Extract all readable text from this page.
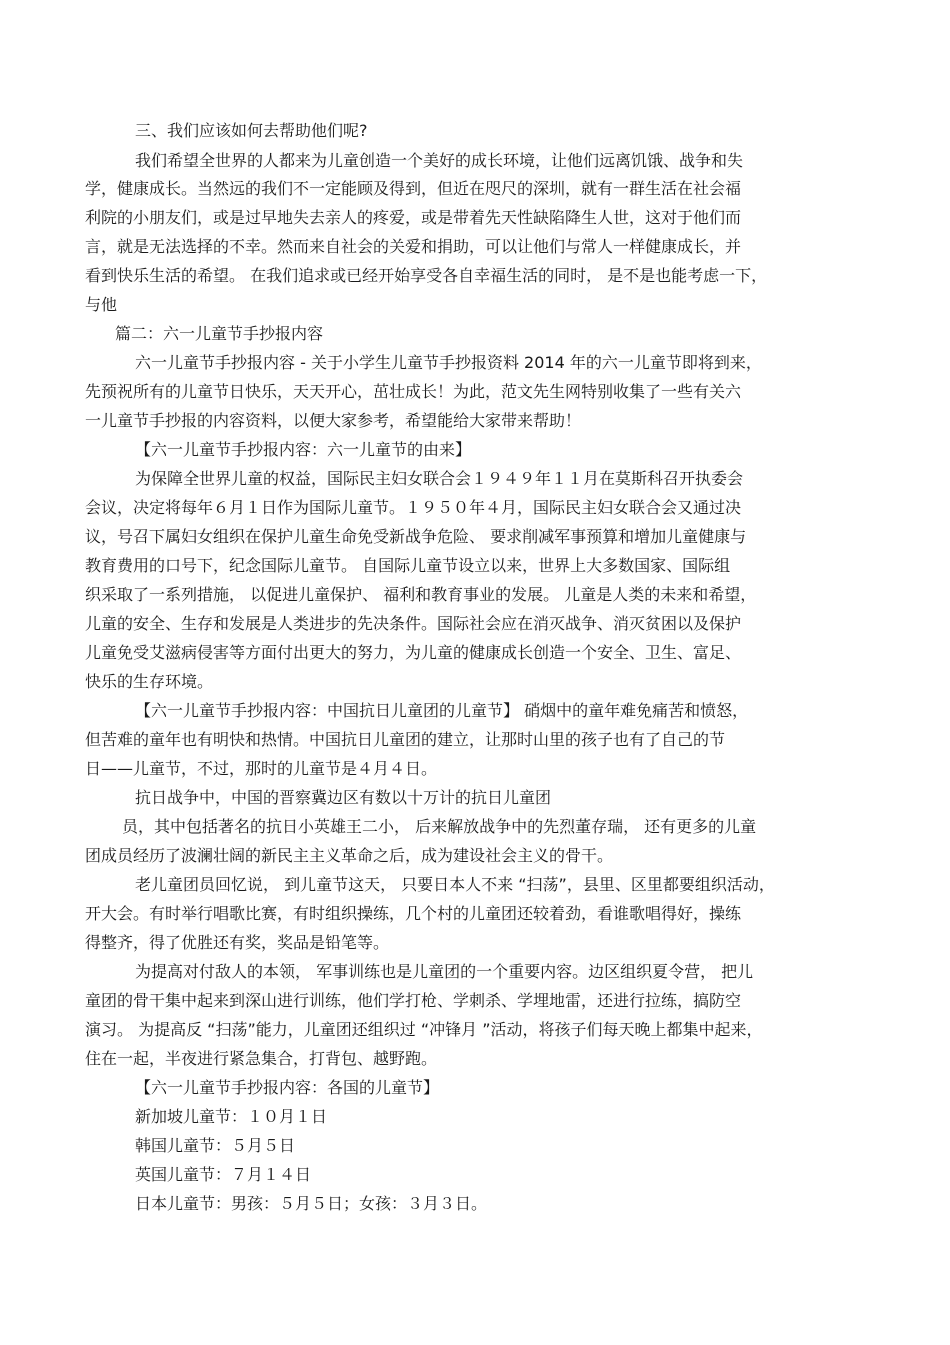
三、我们应该如何去帮助他们呢?
我们希望全世界的人都来为儿童创造一个美好的成长环境，让他们远离饥饿、战争和失
学，健康成长。当然远的我们不一定能顾及得到，但近在咫尺的深圳，就有一群生活在社会福
利院的小朋友们，或是过早地失去亲人的疼爱，或是带着先天性缺陷降生人世，这对于他们而
言，就是无法选择的不幸。然而来自社会的关爱和捐助，可以让他们与常人一样健康成长，并
看到快乐生活的希望。 在我们追求或已经开始享受各自幸福生活的同时， 是不是也能考虑一下，
与他
篇二：六一儿童节手抄报内容
六一儿童节手抄报内容 - 关于小学生儿童节手抄报资料 2014 年的六一儿童节即将到来，
先预祝所有的儿童节日快乐，天天开心，茁壮成长！为此，范文先生网特别收集了一些有关六
一儿童节手抄报的内容资料，以便大家参考，希望能给大家带来帮助！
【六一儿童节手抄报内容：六一儿童节的由来】
为保障全世界儿童的权益，国际民主妇女联合会１９４９年１１月在莫斯科召开执委会
会议，决定将每年６月１日作为国际儿童节。１９５０年４月，国际民主妇女联合会又通过决
议，号召下属妇女组织在保护儿童生命免受新战争危险、 要求削减军事预算和增加儿童健康与
教育费用的口号下，纪念国际儿童节。 自国际儿童节设立以来，世界上大多数国家、国际组
织采取了一系列措施， 以促进儿童保护、 福利和教育事业的发展。 儿童是人类的未来和希望，
儿童的安全、生存和发展是人类进步的先决条件。国际社会应在消灭战争、消灭贫困以及保护
儿童免受艾滋病侵害等方面付出更大的努力，为儿童的健康成长创造一个安全、卫生、富足、
快乐的生存环境。
【六一儿童节手抄报内容：中国抗日儿童团的儿童节】 硝烟中的童年难免痛苦和愤怒，
但苦难的童年也有明快和热情。中国抗日儿童团的建立，让那时山里的孩子也有了自己的节
日——儿童节，不过，那时的儿童节是４月４日。
抗日战争中，中国的晋察冀边区有数以十万计的抗日儿童团
员，其中包括著名的抗日小英雄王二小， 后来解放战争中的先烈董存瑞， 还有更多的儿童
团成员经历了波澜壮阔的新民主主义革命之后，成为建设社会主义的骨干。
老儿童团员回忆说， 到儿童节这天， 只要日本人不来 “扫荡”，县里、区里都要组织活动，
开大会。有时举行唱歌比赛，有时组织操练，几个村的儿童团还较着劲，看谁歌唱得好，操练
得整齐，得了优胜还有奖，奖品是铅笔等。
为提高对付敌人的本领， 军事训练也是儿童团的一个重要内容。边区组织夏令营， 把儿
童团的骨干集中起来到深山进行训练，他们学打枪、学刺杀、学埋地雷，还进行拉练，搞防空
演习。 为提高反 “扫荡”能力，儿童团还组织过 “冲锋月 ”活动，将孩子们每天晚上都集中起来，
住在一起，半夜进行紧急集合，打背包、越野跑。
【六一儿童节手抄报内容：各国的儿童节】
新加坡儿童节：１０月１日
韩国儿童节：５月５日
英国儿童节：７月１４日
日本儿童节：男孩：５月５日；女孩：３月３日。
